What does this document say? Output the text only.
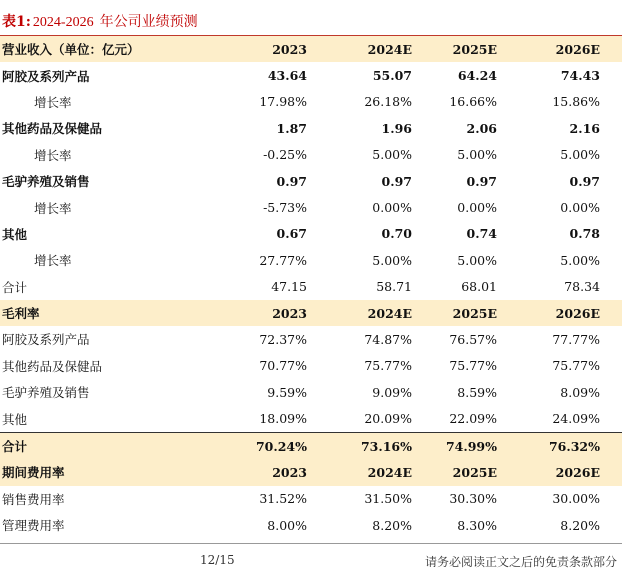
表1: 2024-2026 年公司业绩预测
营业收入（单位：亿元）	2023	2024E	2025E	2026E
阿胶及系列产品	43.64	55.07	64.24	74.43
增长率	17.98%	26.18%	16.66%	15.86%
其他药品及保健品	1.87	1.96	2.06	2.16
增长率	-0.25%	5.00%	5.00%	5.00%
毛驴养殖及销售	0.97	0.97	0.97	0.97
增长率	-5.73%	0.00%	0.00%	0.00%
其他	0.67	0.70	0.74	0.78
增长率	27.77%	5.00%	5.00%	5.00%
合计	47.15	58.71	68.01	78.34
毛利率	2023	2024E	2025E	2026E
阿胶及系列产品	72.37%	74.87%	76.57%	77.77%
其他药品及保健品	70.77%	75.77%	75.77%	75.77%
毛驴养殖及销售	9.59%	9.09%	8.59%	8.09%
其他	18.09%	20.09%	22.09%	24.09%
合计	70.24%	73.16%	74.99%	76.32%
期间费用率	2023	2024E	2025E	2026E
销售费用率	31.52%	31.50%	30.30%	30.00%
管理费用率	8.00%	8.20%	8.30%	8.20%
12/15	请务必阅读正文之后的免责条款部分
